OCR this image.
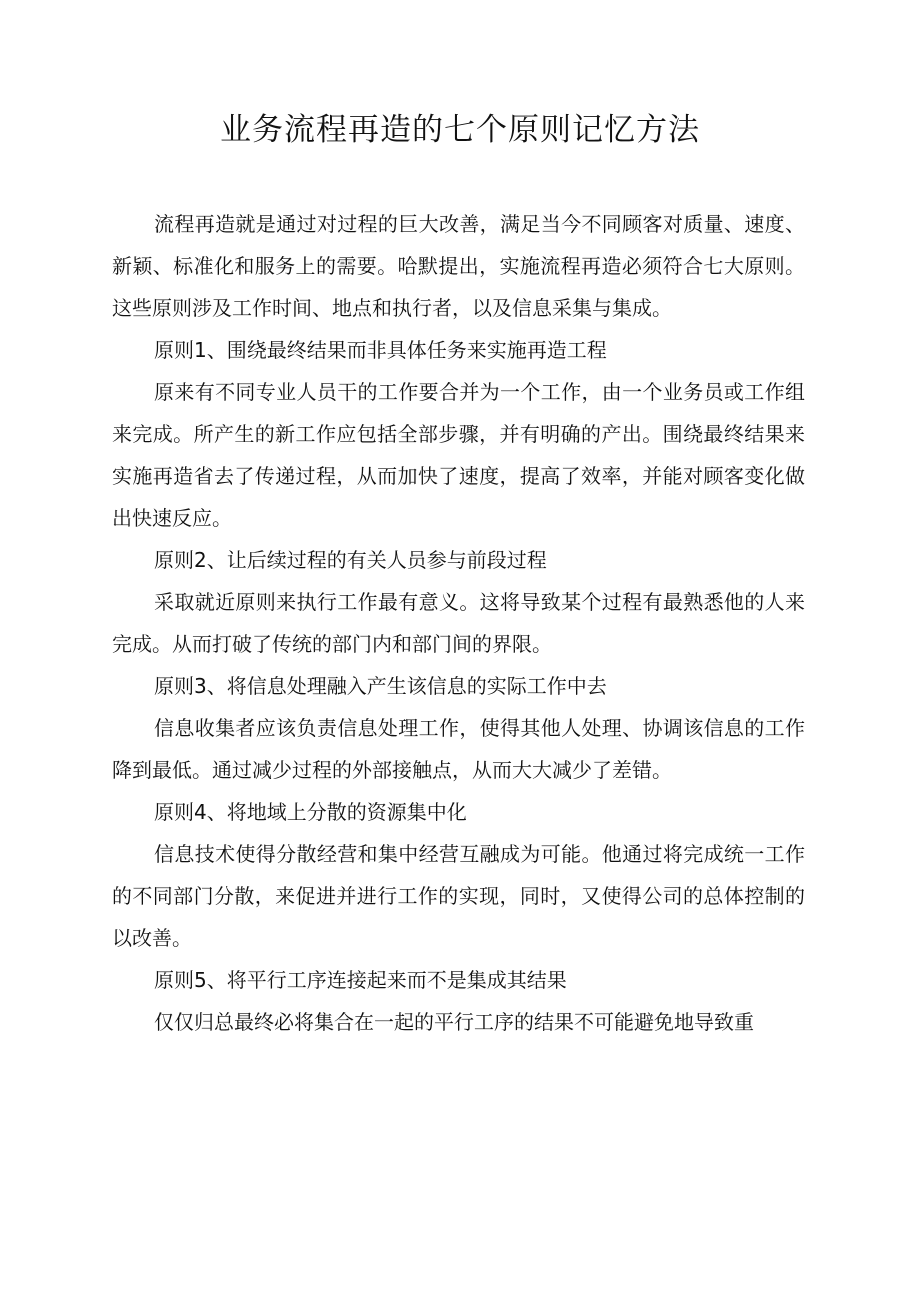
业务流程再造的七个原则记忆方法

流程再造就是通过对过程的巨大改善，满足当今不同顾客对质量、速度、新颖、标准化和服务上的需要。哈默提出，实施流程再造必须符合七大原则。这些原则涉及工作时间、地点和执行者，以及信息采集与集成。

原则1、围绕最终结果而非具体任务来实施再造工程

原来有不同专业人员干的工作要合并为一个工作，由一个业务员或工作组来完成。所产生的新工作应包括全部步骤，并有明确的产出。围绕最终结果来实施再造省去了传递过程，从而加快了速度，提高了效率，并能对顾客变化做出快速反应。

原则2、让后续过程的有关人员参与前段过程

采取就近原则来执行工作最有意义。这将导致某个过程有最熟悉他的人来完成。从而打破了传统的部门内和部门间的界限。

原则3、将信息处理融入产生该信息的实际工作中去

信息收集者应该负责信息处理工作，使得其他人处理、协调该信息的工作降到最低。通过减少过程的外部接触点，从而大大减少了差错。

原则4、将地域上分散的资源集中化

信息技术使得分散经营和集中经营互融成为可能。他通过将完成统一工作的不同部门分散，来促进并进行工作的实现，同时，又使得公司的总体控制的以改善。

原则5、将平行工序连接起来而不是集成其结果

仅仅归总最终必将集合在一起的平行工序的结果不可能避免地导致重
